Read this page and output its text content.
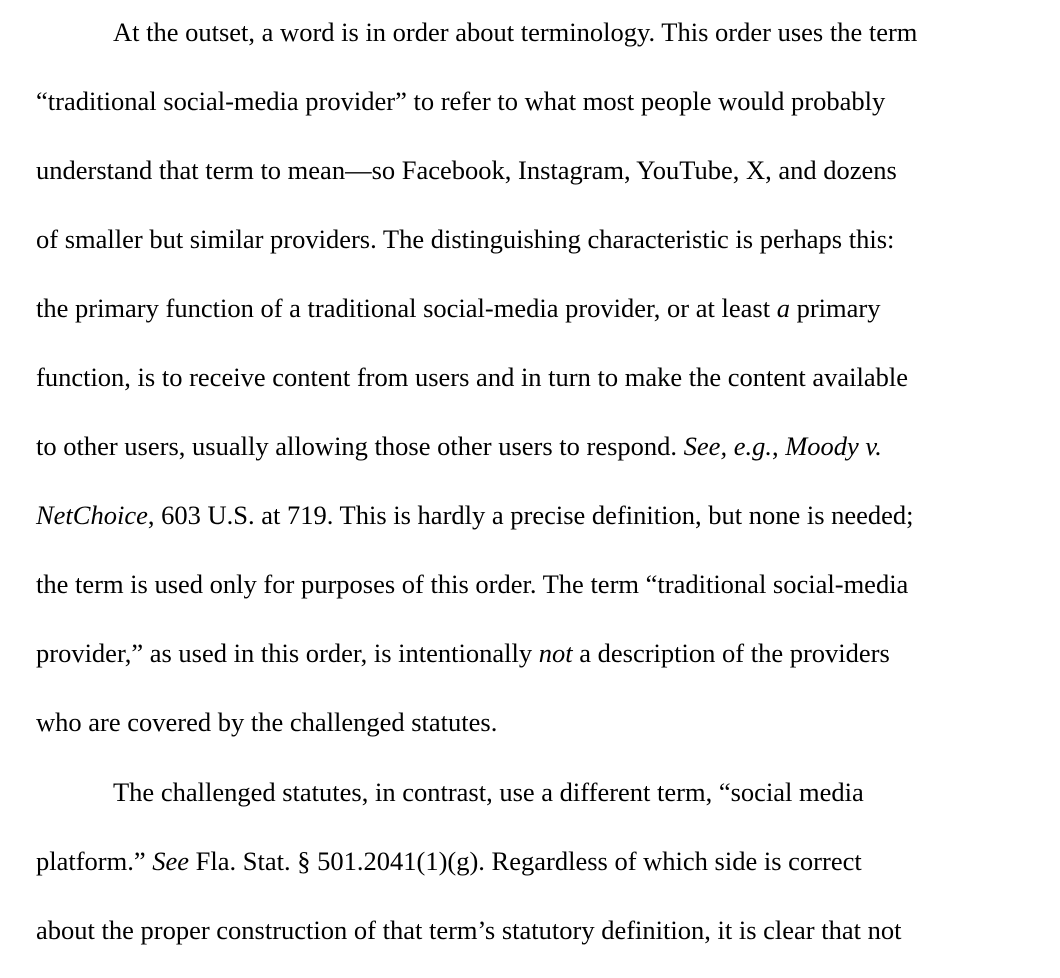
At the outset, a word is in order about terminology. This order uses the term
“traditional social-media provider” to refer to what most people would probably
understand that term to mean—so Facebook, Instagram, YouTube, X, and dozens
of smaller but similar providers. The distinguishing characteristic is perhaps this:
the primary function of a traditional social-media provider, or at least a primary
function, is to receive content from users and in turn to make the content available
to other users, usually allowing those other users to respond. See, e.g., Moody v.
NetChoice, 603 U.S. at 719. This is hardly a precise definition, but none is needed;
the term is used only for purposes of this order. The term “traditional social-media
provider,” as used in this order, is intentionally not a description of the providers
who are covered by the challenged statutes.
The challenged statutes, in contrast, use a different term, “social media
platform.” See Fla. Stat. § 501.2041(1)(g). Regardless of which side is correct
about the proper construction of that term’s statutory definition, it is clear that not
